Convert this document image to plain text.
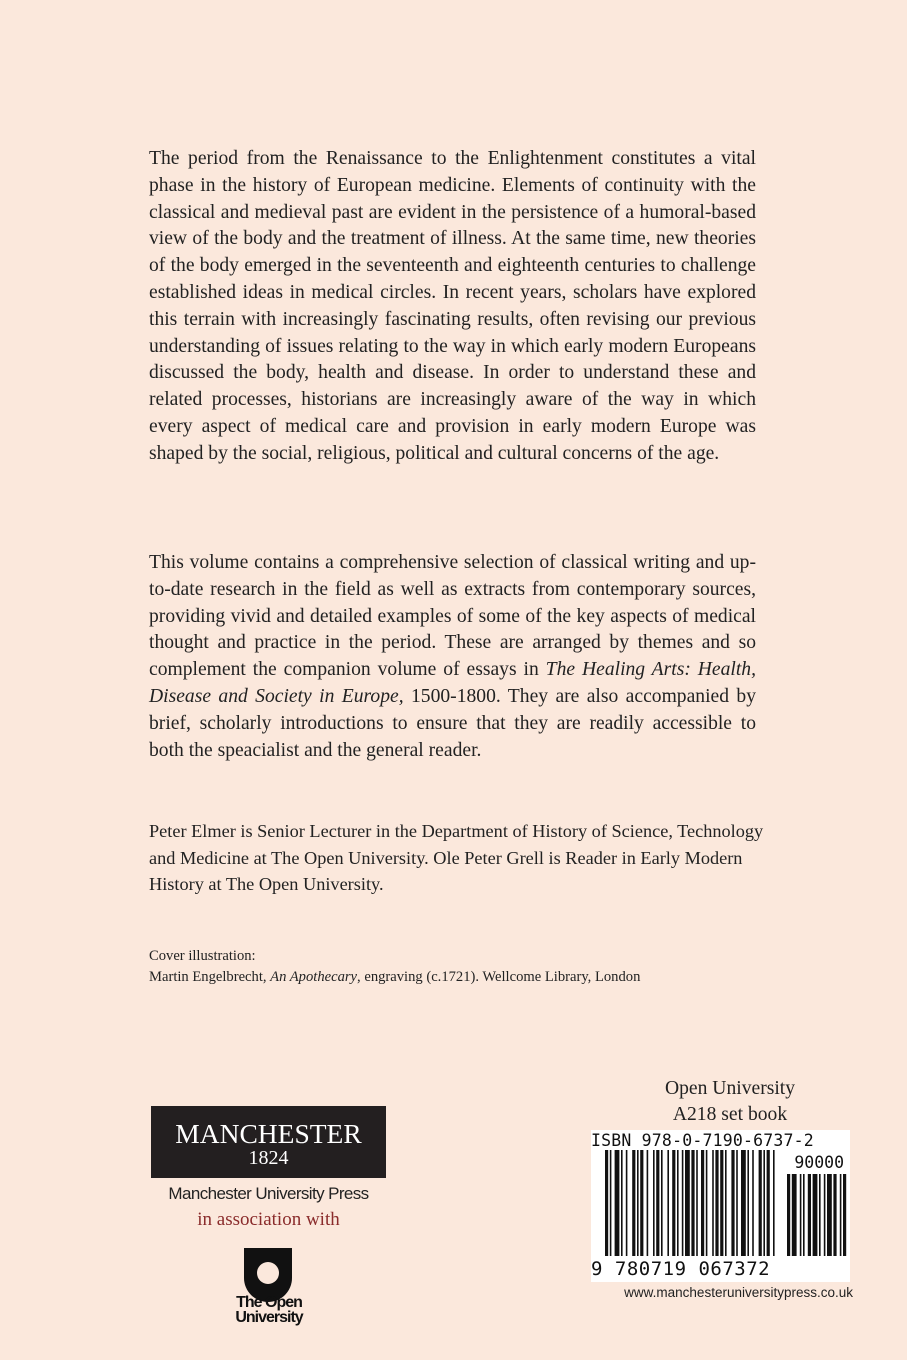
The period from the Renaissance to the Enlightenment constitutes a vital phase in the history of European medicine. Elements of continuity with the classical and medieval past are evident in the persistence of a humoral-based view of the body and the treatment of illness. At the same time, new theories of the body emerged in the seventeenth and eighteenth centuries to challenge established ideas in medical circles. In recent years, scholars have explored this terrain with increasingly fascinating results, often revising our previous understanding of issues relating to the way in which early modern Europeans discussed the body, health and disease. In order to understand these and related processes, historians are increasingly aware of the way in which every aspect of medical care and provision in early modern Europe was shaped by the social, religious, political and cultural concerns of the age.

This volume contains a comprehensive selection of classical writing and up-to-date research in the field as well as extracts from contemporary sources, providing vivid and detailed examples of some of the key aspects of medical thought and practice in the period. These are arranged by themes and so complement the companion volume of essays in The Healing Arts: Health, Disease and Society in Europe, 1500-1800. They are also accompanied by brief, scholarly introductions to ensure that they are readily accessible to both the speacialist and the general reader.

Peter Elmer is Senior Lecturer in the Department of History of Science, Technology and Medicine at The Open University. Ole Peter Grell is Reader in Early Modern History at The Open University.

Cover illustration:
Martin Engelbrecht, An Apothecary, engraving (c.1721). Wellcome Library, London
MANCHESTER
1824
Manchester University Press
in association with
The Open
University
Open University
A218 set book
ISBN 978-0-7190-6737-2
90000
9 780719 067372
www.manchesteruniversitypress.co.uk
